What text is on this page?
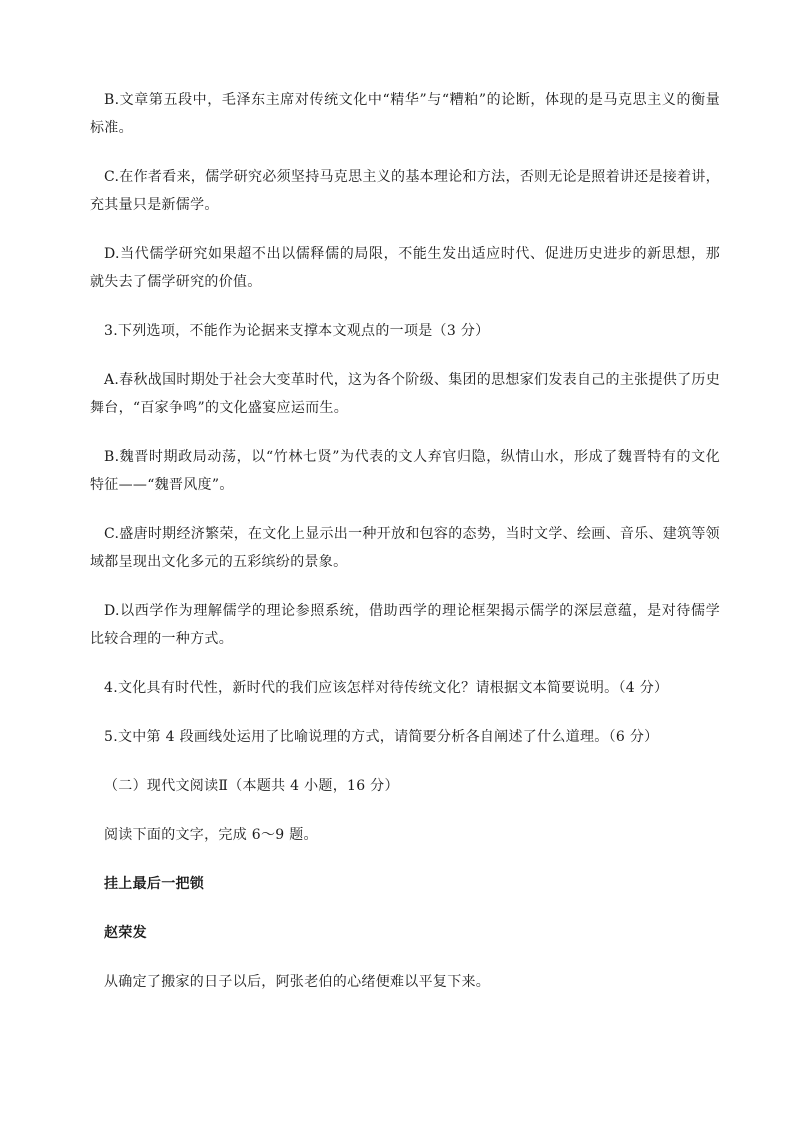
B.文章第五段中，毛泽东主席对传统文化中“精华”与“糟粕”的论断，体现的是马克思主义的衡量标准。

C.在作者看来，儒学研究必须坚持马克思主义的基本理论和方法，否则无论是照着讲还是接着讲，充其量只是新儒学。

D.当代儒学研究如果超不出以儒释儒的局限，不能生发出适应时代、促进历史进步的新思想，那就失去了儒学研究的价值。

3.下列选项，不能作为论据来支撑本文观点的一项是（3 分）

A.春秋战国时期处于社会大变革时代，这为各个阶级、集团的思想家们发表自己的主张提供了历史舞台，“百家争鸣”的文化盛宴应运而生。

B.魏晋时期政局动荡，以“竹林七贤”为代表的文人弃官归隐，纵情山水，形成了魏晋特有的文化特征——“魏晋风度”。

C.盛唐时期经济繁荣，在文化上显示出一种开放和包容的态势，当时文学、绘画、音乐、建筑等领域都呈现出文化多元的五彩缤纷的景象。

D.以西学作为理解儒学的理论参照系统，借助西学的理论框架揭示儒学的深层意蕴，是对待儒学比较合理的一种方式。

4.文化具有时代性，新时代的我们应该怎样对待传统文化？请根据文本简要说明。（4 分）

5.文中第 4 段画线处运用了比喻说理的方式，请简要分析各自阐述了什么道理。（6 分）

（二）现代文阅读Ⅱ（本题共 4 小题，16 分）

阅读下面的文字，完成 6～9 题。

挂上最后一把锁

赵荣发

从确定了搬家的日子以后，阿张老伯的心绪便难以平复下来。
